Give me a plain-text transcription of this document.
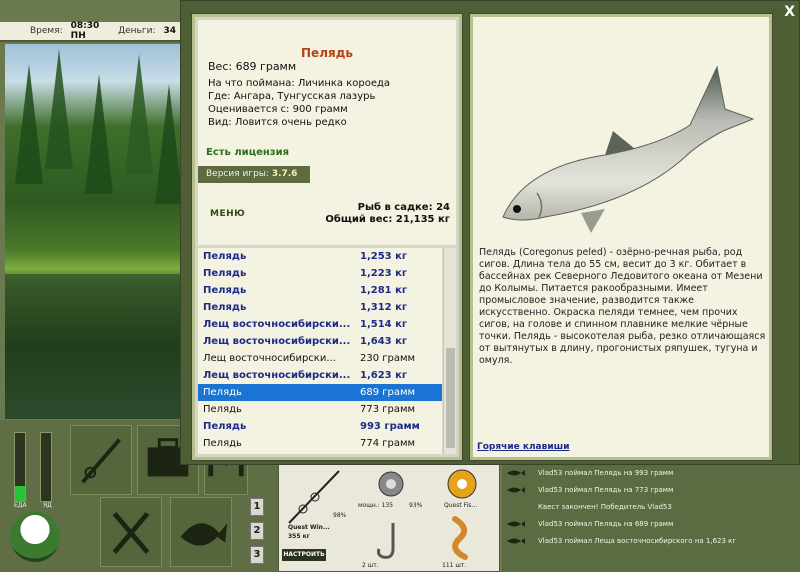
Время: 08:30 ПН	Деньги: 34
ЕДА	ЯД	1
2
3
Quest Win...
355 кг
98%
НАСТРОИТЬ
мощн.: 135	93%	Quest Fis...
2 шт.	111 шт.
Vlad53 поймал Пелядь на 993 грамм
Vlad53 поймал Пелядь на 773 грамм
Квест закончен! Победитель Vlad53
Vlad53 поймал Пелядь на 689 грамм
Vlad53 поймал Леща восточносибирского на 1,623 кг
X
Пелядь
Вес: 689 грамм
На что поймана: Личинка короеда
Где: Ангара, Тунгусская лазурь
Оценивается с: 900 грамм
Вид: Ловится очень редко
Есть лицензия
Версия игры: 3.7.6
МЕНЮ
Рыб в садке: 24
Общий вес: 21,135 кг
Пелядь	1,253 кг
Пелядь	1,223 кг
Пелядь	1,281 кг
Пелядь	1,312 кг
Лещ восточносибирски... 1,514 кг
Лещ восточносибирски... 1,643 кг
Лещ восточносибирски... 230 грамм
Лещ восточносибирски... 1,623 кг
Пелядь	689 грамм
Пелядь	773 грамм
Пелядь	993 грамм
Пелядь	774 грамм
Пелядь (Coregonus peled) - озёрно-речная рыба, род сигов. Длина тела до 55 см, весит до 3 кг. Обитает в бассейнах рек Северного Ледовитого океана от Мезени до Колымы. Питается ракообразными. Имеет промысловое значение, разводится также искусственно. Окраска пеляди темнее, чем прочих сигов, на голове и спинном плавнике мелкие чёрные точки. Пелядь - высокотелая рыба, резко отличающаяся от вытянутых в длину, прогонистых ряпушек, тугуна и омуля.
Горячие клавиши
